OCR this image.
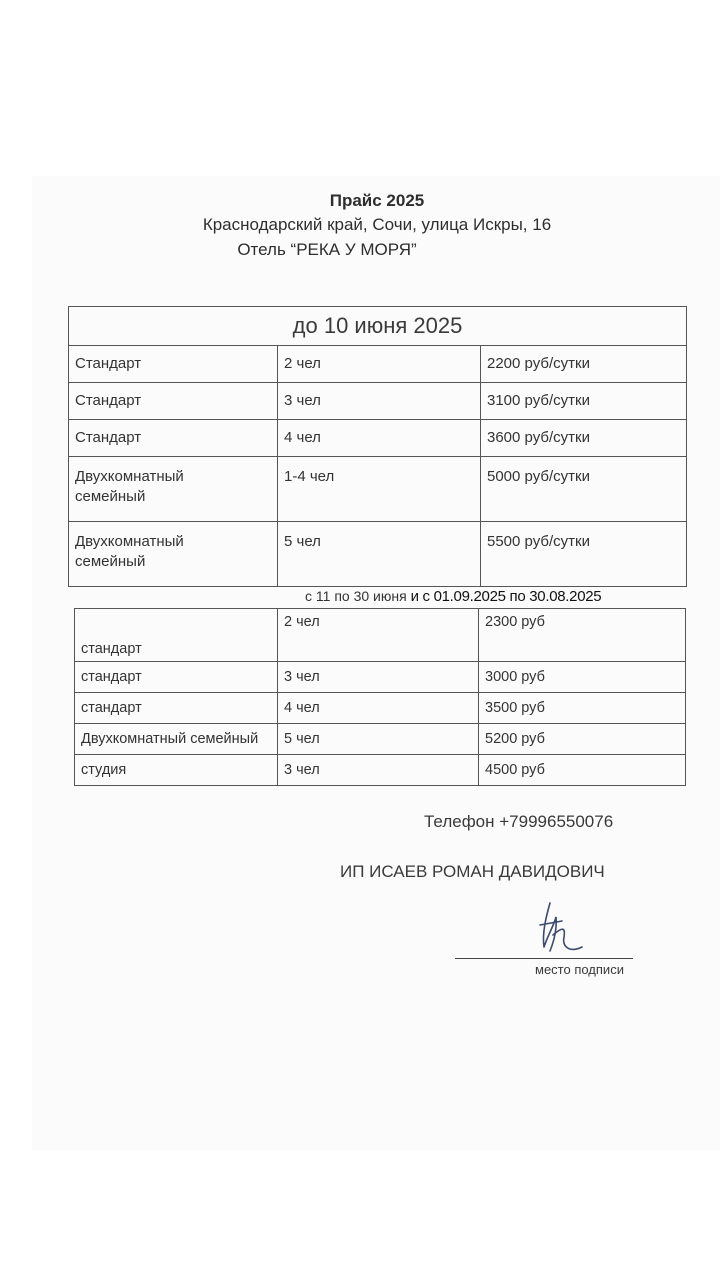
Прайс 2025
Краснодарский край, Сочи, улица Искры, 16
Отель “РЕКА У МОРЯ”
до 10 июня 2025		
Стандарт	2 чел	2200 руб/сутки
Стандарт	3 чел	3100 руб/сутки
Стандарт	4 чел	3600 руб/сутки

Двухкомнатный
семейный	1-4 чел	5000 руб/сутки

Двухкомнатный
семейный	5 чел	5500 руб/сутки
с 11 по 30 июня и с 01.09.2025 по 30.08.2025
стандарт	2 чел	2300 руб
стандарт	3 чел	3000 руб
стандарт	4 чел	3500 руб
Двухкомнатный семейный	5 чел	5200 руб
студия	3 чел	4500 руб
Телефон +79996550076
ИП ИСАЕВ РОМАН ДАВИДОВИЧ
место подписи
